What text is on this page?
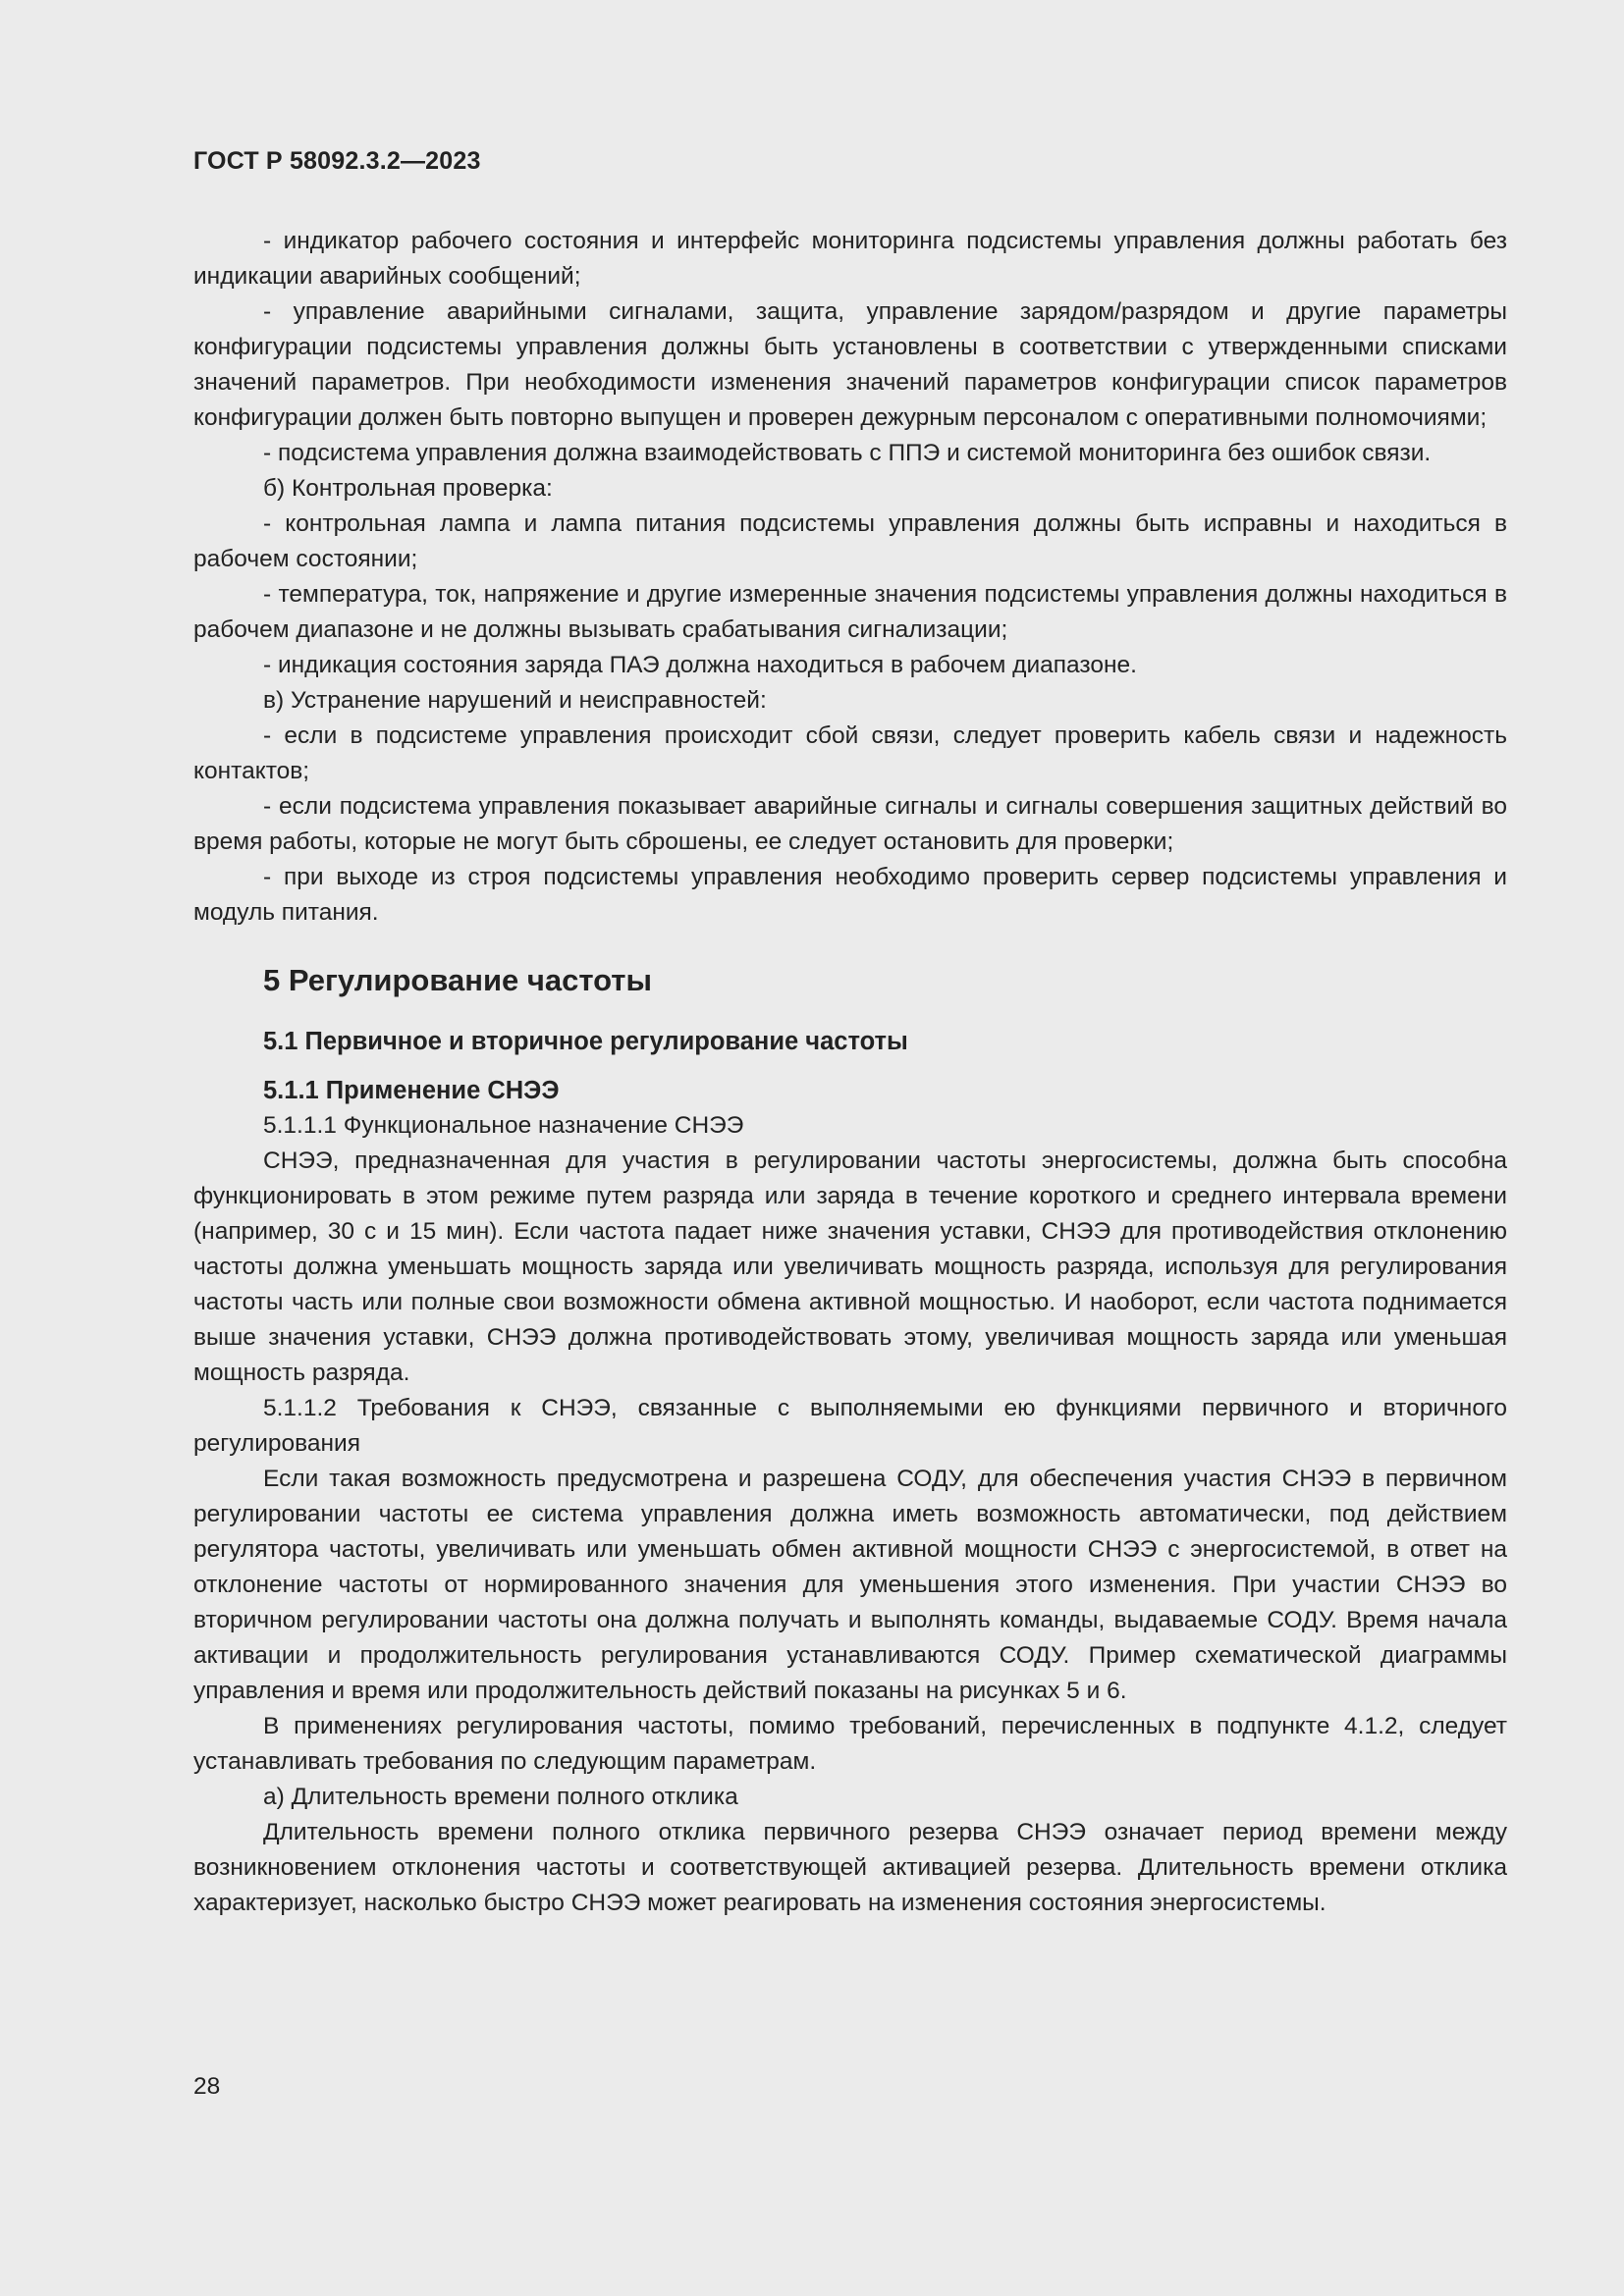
ГОСТ Р 58092.3.2—2023

- индикатор рабочего состояния и интерфейс мониторинга подсистемы управления должны работать без индикации аварийных сообщений;

- управление аварийными сигналами, защита, управление зарядом/разрядом и другие параметры конфигурации подсистемы управления должны быть установлены в соответствии с утвержденными списками значений параметров. При необходимости изменения значений параметров конфигурации список параметров конфигурации должен быть повторно выпущен и проверен дежурным персоналом с оперативными полномочиями;

- подсистема управления должна взаимодействовать с ППЭ и системой мониторинга без ошибок связи.

б) Контрольная проверка:

- контрольная лампа и лампа питания подсистемы управления должны быть исправны и находиться в рабочем состоянии;

- температура, ток, напряжение и другие измеренные значения подсистемы управления должны находиться в рабочем диапазоне и не должны вызывать срабатывания сигнализации;

- индикация состояния заряда ПАЭ должна находиться в рабочем диапазоне.

в) Устранение нарушений и неисправностей:

- если в подсистеме управления происходит сбой связи, следует проверить кабель связи и надежность контактов;

- если подсистема управления показывает аварийные сигналы и сигналы совершения защитных действий во время работы, которые не могут быть сброшены, ее следует остановить для проверки;

- при выходе из строя подсистемы управления необходимо проверить сервер подсистемы управления и модуль питания.

5 Регулирование частоты
5.1 Первичное и вторичное регулирование частоты
5.1.1 Применение СНЭЭ

5.1.1.1 Функциональное назначение СНЭЭ

СНЭЭ, предназначенная для участия в регулировании частоты энергосистемы, должна быть способна функционировать в этом режиме путем разряда или заряда в течение короткого и среднего интервала времени (например, 30 с и 15 мин). Если частота падает ниже значения уставки, СНЭЭ для противодействия отклонению частоты должна уменьшать мощность заряда или увеличивать мощность разряда, используя для регулирования частоты часть или полные свои возможности обмена активной мощностью. И наоборот, если частота поднимается выше значения уставки, СНЭЭ должна противодействовать этому, увеличивая мощность заряда или уменьшая мощность разряда.

5.1.1.2 Требования к СНЭЭ, связанные с выполняемыми ею функциями первичного и вторичного регулирования

Если такая возможность предусмотрена и разрешена СОДУ, для обеспечения участия СНЭЭ в первичном регулировании частоты ее система управления должна иметь возможность автоматически, под действием регулятора частоты, увеличивать или уменьшать обмен активной мощности СНЭЭ с энергосистемой, в ответ на отклонение частоты от нормированного значения для уменьшения этого изменения. При участии СНЭЭ во вторичном регулировании частоты она должна получать и выполнять команды, выдаваемые СОДУ. Время начала активации и продолжительность регулирования устанавливаются СОДУ. Пример схематической диаграммы управления и время или продолжительность действий показаны на рисунках 5 и 6.

В применениях регулирования частоты, помимо требований, перечисленных в подпункте 4.1.2, следует устанавливать требования по следующим параметрам.

а) Длительность времени полного отклика

Длительность времени полного отклика первичного резерва СНЭЭ означает период времени между возникновением отклонения частоты и соответствующей активацией резерва. Длительность времени отклика характеризует, насколько быстро СНЭЭ может реагировать на изменения состояния энергосистемы.

28
